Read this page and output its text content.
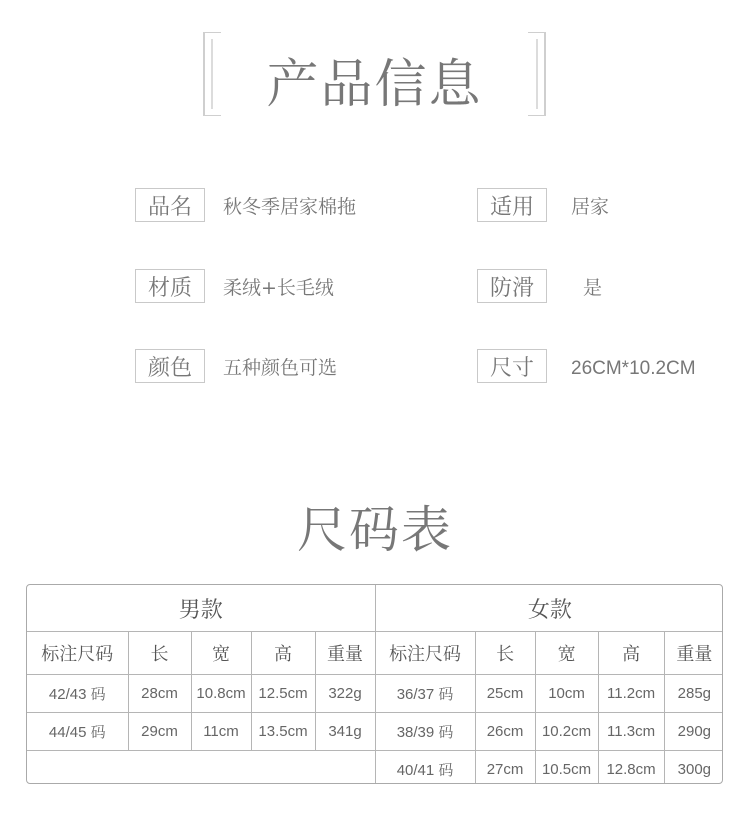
产品信息
品名	秋冬季居家棉拖	适用	居家
材质	柔绒+长毛绒	防滑	是
颜色	五种颜色可选	尺寸	26CM*10.2CM
尺码表
男款					女款				
标注尺码	长	宽	高	重量	标注尺码	长	宽	高	重量
42/43 码	28cm	10.8cm	12.5cm	322g	36/37 码	25cm	10cm	11.2cm	285g
44/45 码	29cm	11cm	13.5cm	341g	38/39 码	26cm	10.2cm	11.3cm	290g
					40/41 码	27cm	10.5cm	12.8cm	300g
